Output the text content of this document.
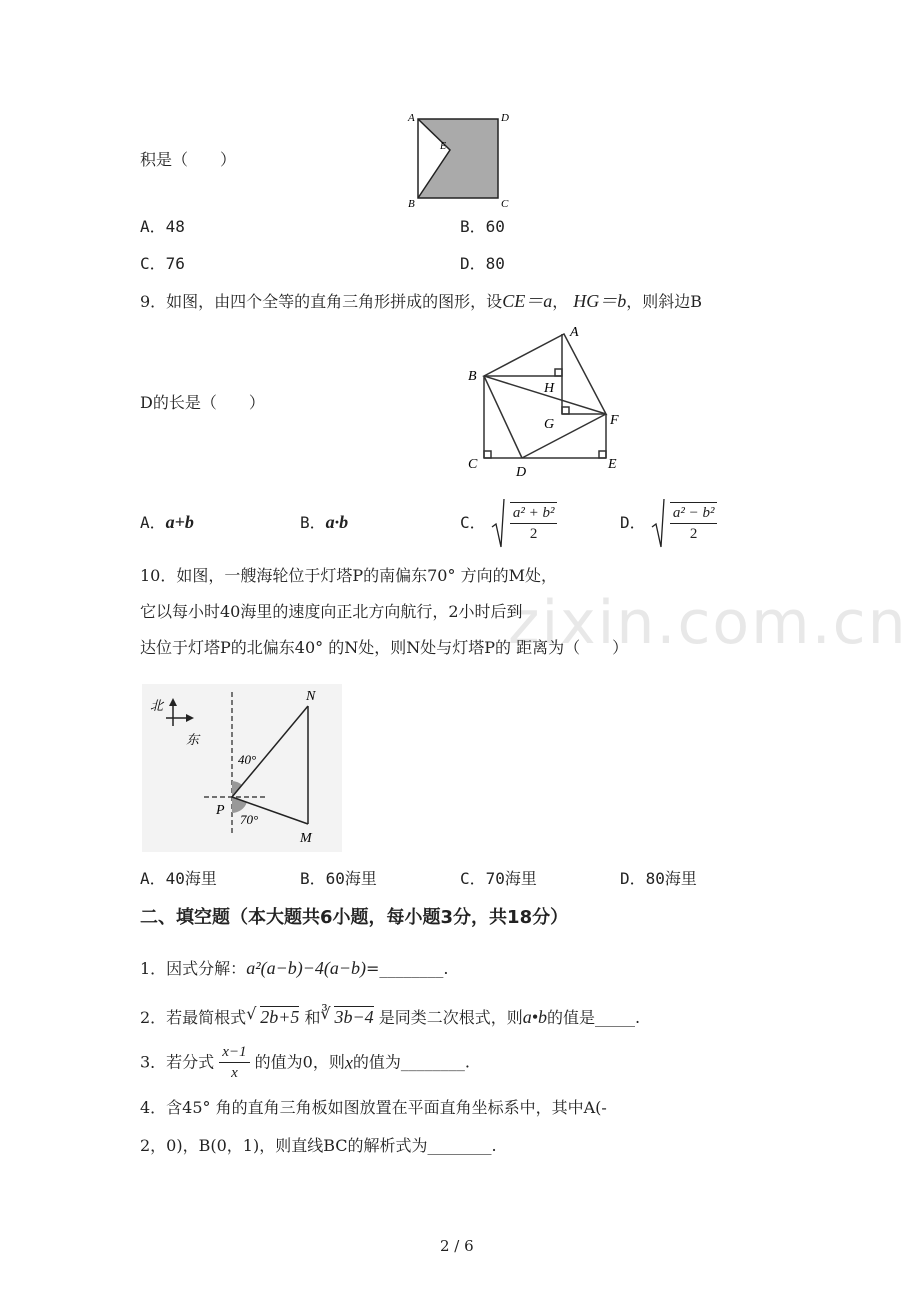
zixin.com.cn
积是（　　）
A	D
E
B	C
A．48	B．60
C．76	D．80
9．如图，由四个全等的直角三角形拼成的图形，设CE＝a， HG＝b，则斜边B
A
B
H
G	F
C
D
E
D的长是（　　）
A．a+b	B．a·b	C． $\frac{\text{a² + b²}}{2}$	D． $\frac{\text{a² − b²}}{2}$
10．如图，一艘海轮位于灯塔P的南偏东70° 方向的M处，
它以每小时40海里的速度向正北方向航行，2小时后到
达位于灯塔P的北偏东40° 的N处，则N处与灯塔P的 距离为（　　）
北
东
N
P
M
40°
70°
A．40海里	B．60海里	C．70海里	D．80海里
二、填空题（本大题共6小题，每小题3分，共18分）
1．因式分解：a²(a−b)−4(a−b)=________.
2．若最简根式 √ 2b+5 和 ∛ 3b−4 是同类二次根式，则a•b的值是_____.
3．若分式 $\frac{x-1}{x}$ 的值为0，则x的值为________.
4．含45° 角的直角三角板如图放置在平面直角坐标系中，其中A(-
2，0)，B(0，1)，则直线BC的解析式为________.
2 / 6
